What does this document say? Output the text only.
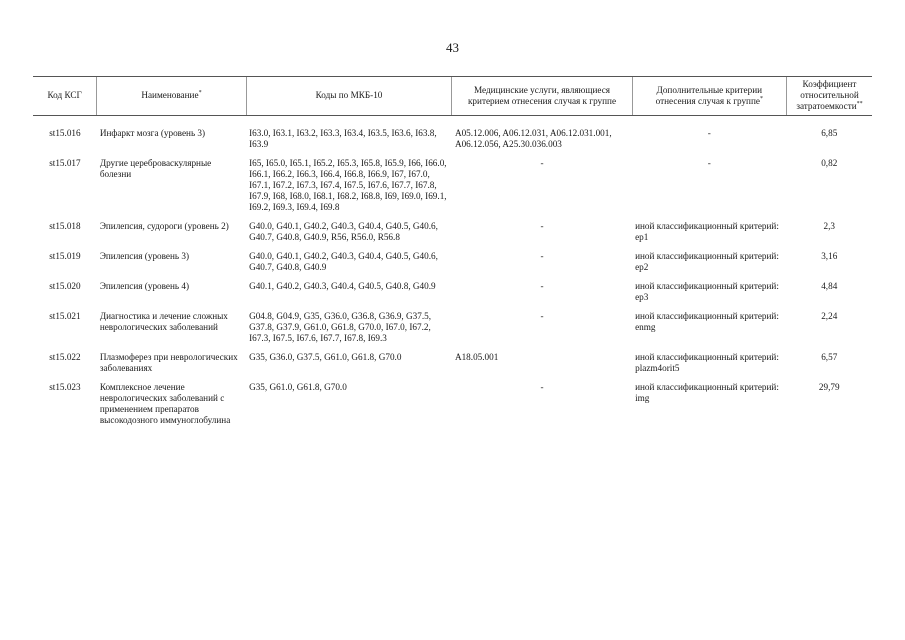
43
Код КСГ	Наименование*	Коды по МКБ-10	Медицинские услуги, являющиеся критерием отнесения случая к группе	Дополнительные критерии отнесения случая к группе*	Коэффициент относительной затратоемкости**

st15.016	Инфаркт мозга (уровень 3)	I63.0, I63.1, I63.2, I63.3, I63.4, I63.5, I63.6, I63.8, I63.9	A05.12.006, A06.12.031, A06.12.031.001, A06.12.056, A25.30.036.003	-	6,85
st15.017	Другие цереброваскулярные болезни	I65, I65.0, I65.1, I65.2, I65.3, I65.8, I65.9, I66, I66.0, I66.1, I66.2, I66.3, I66.4, I66.8, I66.9, I67, I67.0, I67.1, I67.2, I67.3, I67.4, I67.5, I67.6, I67.7, I67.8, I67.9, I68, I68.0, I68.1, I68.2, I68.8, I69, I69.0, I69.1, I69.2, I69.3, I69.4, I69.8	-	-	0,82
st15.018	Эпилепсия, судороги (уровень 2)	G40.0, G40.1, G40.2, G40.3, G40.4, G40.5, G40.6, G40.7, G40.8, G40.9, R56, R56.0, R56.8	-	иной классификационный критерий: ep1	2,3
st15.019	Эпилепсия (уровень 3)	G40.0, G40.1, G40.2, G40.3, G40.4, G40.5, G40.6, G40.7, G40.8, G40.9	-	иной классификационный критерий: ep2	3,16
st15.020	Эпилепсия (уровень 4)	G40.1, G40.2, G40.3, G40.4, G40.5, G40.8, G40.9	-	иной классификационный критерий: ep3	4,84
st15.021	Диагностика и лечение сложных неврологических заболеваний	G04.8, G04.9, G35, G36.0, G36.8, G36.9, G37.5, G37.8, G37.9, G61.0, G61.8, G70.0, I67.0, I67.2, I67.3, I67.5, I67.6, I67.7, I67.8, I69.3	-	иной классификационный критерий: enmg	2,24
st15.022	Плазмоферез при неврологических заболеваниях	G35, G36.0, G37.5, G61.0, G61.8, G70.0	A18.05.001	иной классификационный критерий: plazm4orit5	6,57
st15.023	Комплексное лечение неврологических заболеваний с применением препаратов высокодозного иммуноглобулина	G35, G61.0, G61.8, G70.0	-	иной классификационный критерий: img	29,79
